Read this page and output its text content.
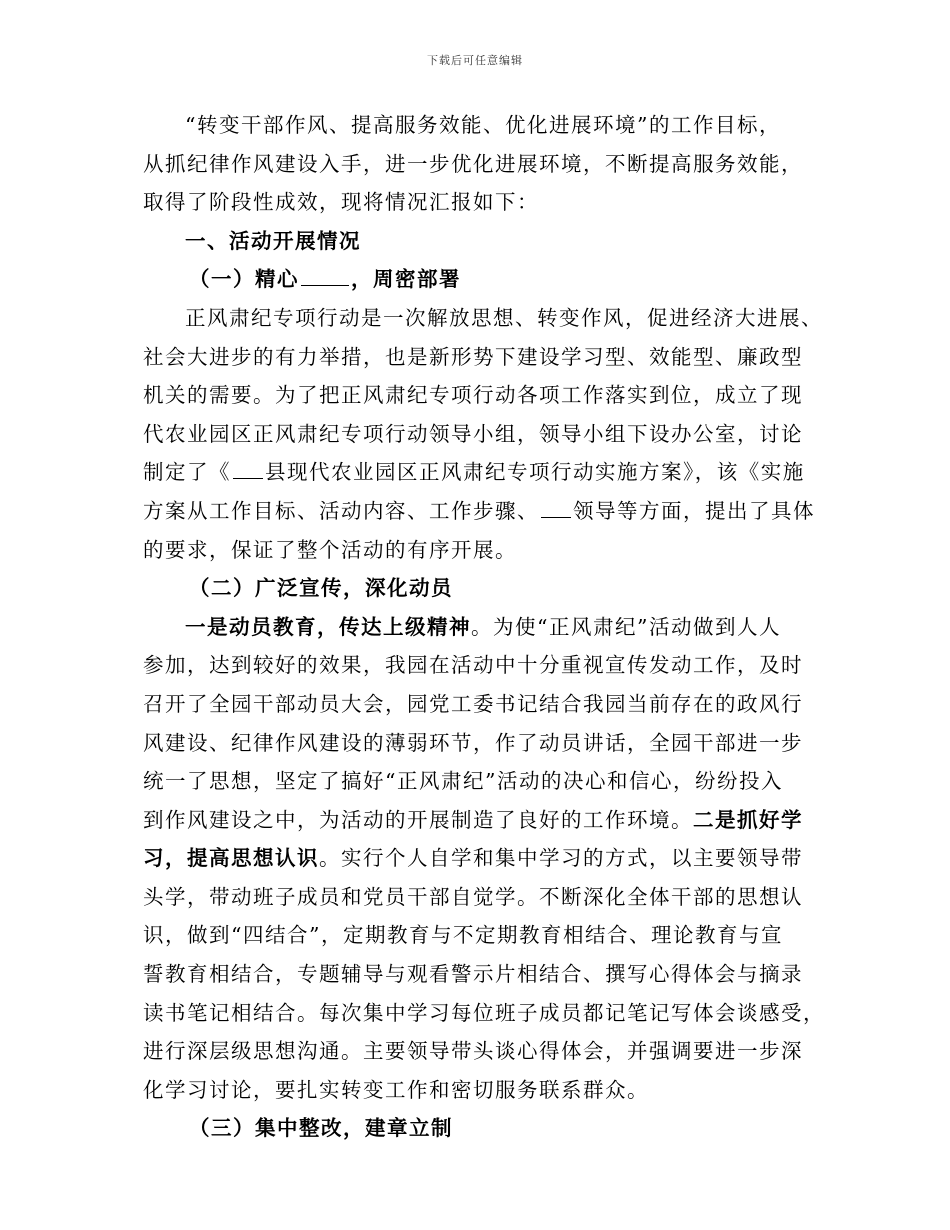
下载后可任意编辑
“转变干部作风、提高服务效能、优化进展环境”的工作目标，
从抓纪律作风建设入手，进一步优化进展环境，不断提高服务效能，
取得了阶段性成效，现将情况汇报如下：
一、活动开展情况
（一）精心	，周密部署
正风肃纪专项行动是一次解放思想、转变作风，促进经济大进展、
社会大进步的有力举措，也是新形势下建设学习型、效能型、廉政型
机关的需要。为了把正风肃纪专项行动各项工作落实到位，成立了现
代农业园区正风肃纪专项行动领导小组，领导小组下设办公室，讨论
制定了《 县现代农业园区正风肃纪专项行动实施方案》，该《实施
方案从工作目标、活动内容、工作步骤、 领导等方面，提出了具体
的要求，保证了整个活动的有序开展。
（二）广泛宣传，深化动员
一是动员教育，传达上级精神。为使“正风肃纪”活动做到人人
参加，达到较好的效果，我园在活动中十分重视宣传发动工作，及时
召开了全园干部动员大会，园党工委书记结合我园当前存在的政风行
风建设、纪律作风建设的薄弱环节，作了动员讲话，全园干部进一步
统一了思想，坚定了搞好“正风肃纪”活动的决心和信心，纷纷投入
到作风建设之中，为活动的开展制造了良好的工作环境。二是抓好学
习，提高思想认识。实行个人自学和集中学习的方式，以主要领导带
头学，带动班子成员和党员干部自觉学。不断深化全体干部的思想认
识，做到“四结合”，定期教育与不定期教育相结合、理论教育与宣
誓教育相结合，专题辅导与观看警示片相结合、撰写心得体会与摘录
读书笔记相结合。每次集中学习每位班子成员都记笔记写体会谈感受，
进行深层级思想沟通。主要领导带头谈心得体会，并强调要进一步深
化学习讨论，要扎实转变工作和密切服务联系群众。
（三）集中整改，建章立制
